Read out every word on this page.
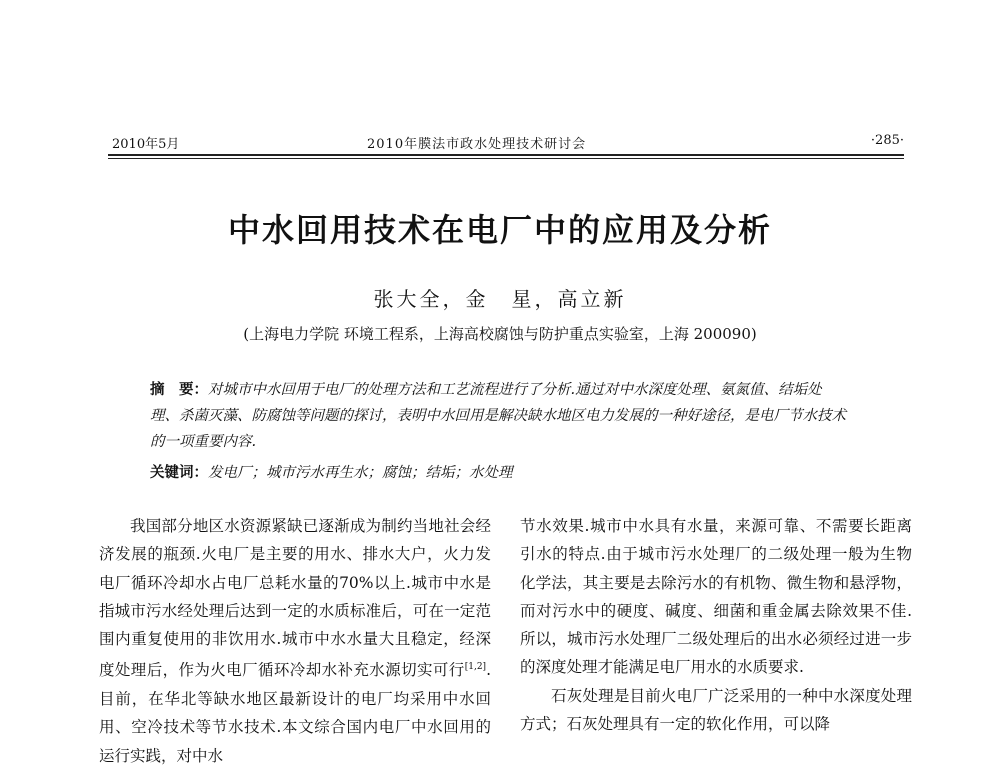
2010年5月	2010年膜法市政水处理技术研讨会	·285·
中水回用技术在电厂中的应用及分析
张大全，金　星，高立新
(上海电力学院 环境工程系，上海高校腐蚀与防护重点实验室，上海 200090)
摘　要：对城市中水回用于电厂的处理方法和工艺流程进行了分析.通过对中水深度处理、氨氮值、结垢处理、杀菌灭藻、防腐蚀等问题的探讨，表明中水回用是解决缺水地区电力发展的一种好途径，是电厂节水技术的一项重要内容.
关键词：发电厂；城市污水再生水；腐蚀；结垢；水处理

我国部分地区水资源紧缺已逐渐成为制约当地社会经济发展的瓶颈.火电厂是主要的用水、排水大户，火力发电厂循环冷却水占电厂总耗水量的70%以上.城市中水是指城市污水经处理后达到一定的水质标准后，可在一定范围内重复使用的非饮用水.城市中水水量大且稳定，经深度处理后，作为火电厂循环冷却水补充水源切实可行[1,2].目前，在华北等缺水地区最新设计的电厂均采用中水回用、空冷技术等节水技术.本文综合国内电厂中水回用的运行实践，对中水

节水效果.城市中水具有水量，来源可靠、不需要长距离引水的特点.由于城市污水处理厂的二级处理一般为生物化学法，其主要是去除污水的有机物、微生物和悬浮物，而对污水中的硬度、碱度、细菌和重金属去除效果不佳.所以，城市污水处理厂二级处理后的出水必须经过进一步的深度处理才能满足电厂用水的水质要求.

石灰处理是目前火电厂广泛采用的一种中水深度处理方式；石灰处理具有一定的软化作用，可以降
